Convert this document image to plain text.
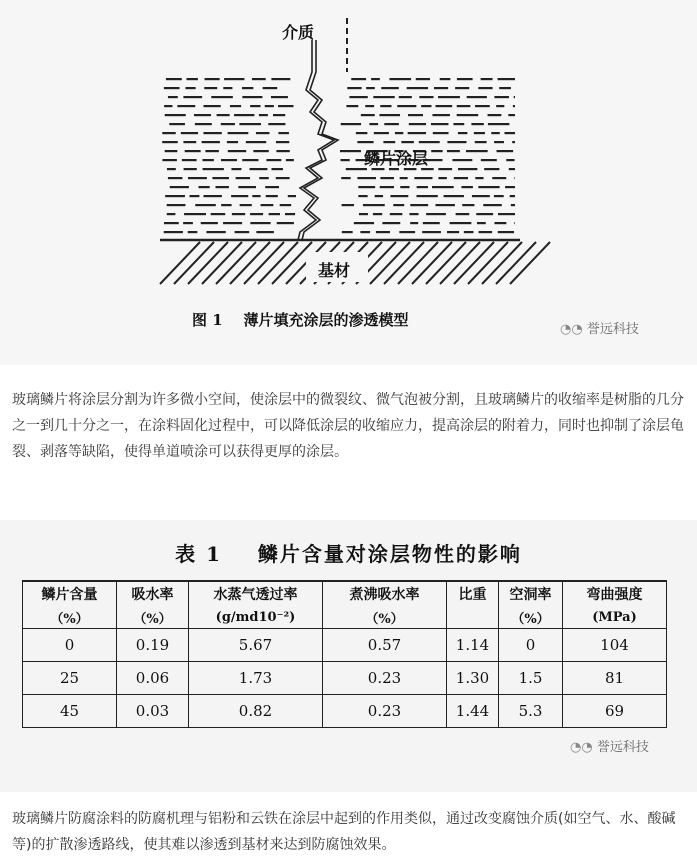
介质
鳞片涂层
基材
图 1    薄片填充涂层的渗透模型
◔◔ 誉远科技

玻璃鳞片将涂层分割为许多微小空间，使涂层中的微裂纹、微气泡被分割，且玻璃鳞片的收缩率是树脂的几分之一到几十分之一，在涂料固化过程中，可以降低涂层的收缩应力，提高涂层的附着力，同时也抑制了涂层龟裂、剥落等缺陷，使得单道喷涂可以获得更厚的涂层。

表 1    鳞片含量对涂层物性的影响
鳞片含量	吸水率	水蒸气透过率	煮沸吸水率	比重	空洞率	弯曲强度
（%）	（%）	(g/md10⁻²)	（%）		（%）	(MPa)
0	0.19	5.67	0.57	1.14	0	104
25	0.06	1.73	0.23	1.30	1.5	81
45	0.03	0.82	0.23	1.44	5.3	69
◔◔ 誉远科技

玻璃鳞片防腐涂料的防腐机理与铝粉和云铁在涂层中起到的作用类似，通过改变腐蚀介质(如空气、水、酸碱等)的扩散渗透路线，使其难以渗透到基材来达到防腐蚀效果。
